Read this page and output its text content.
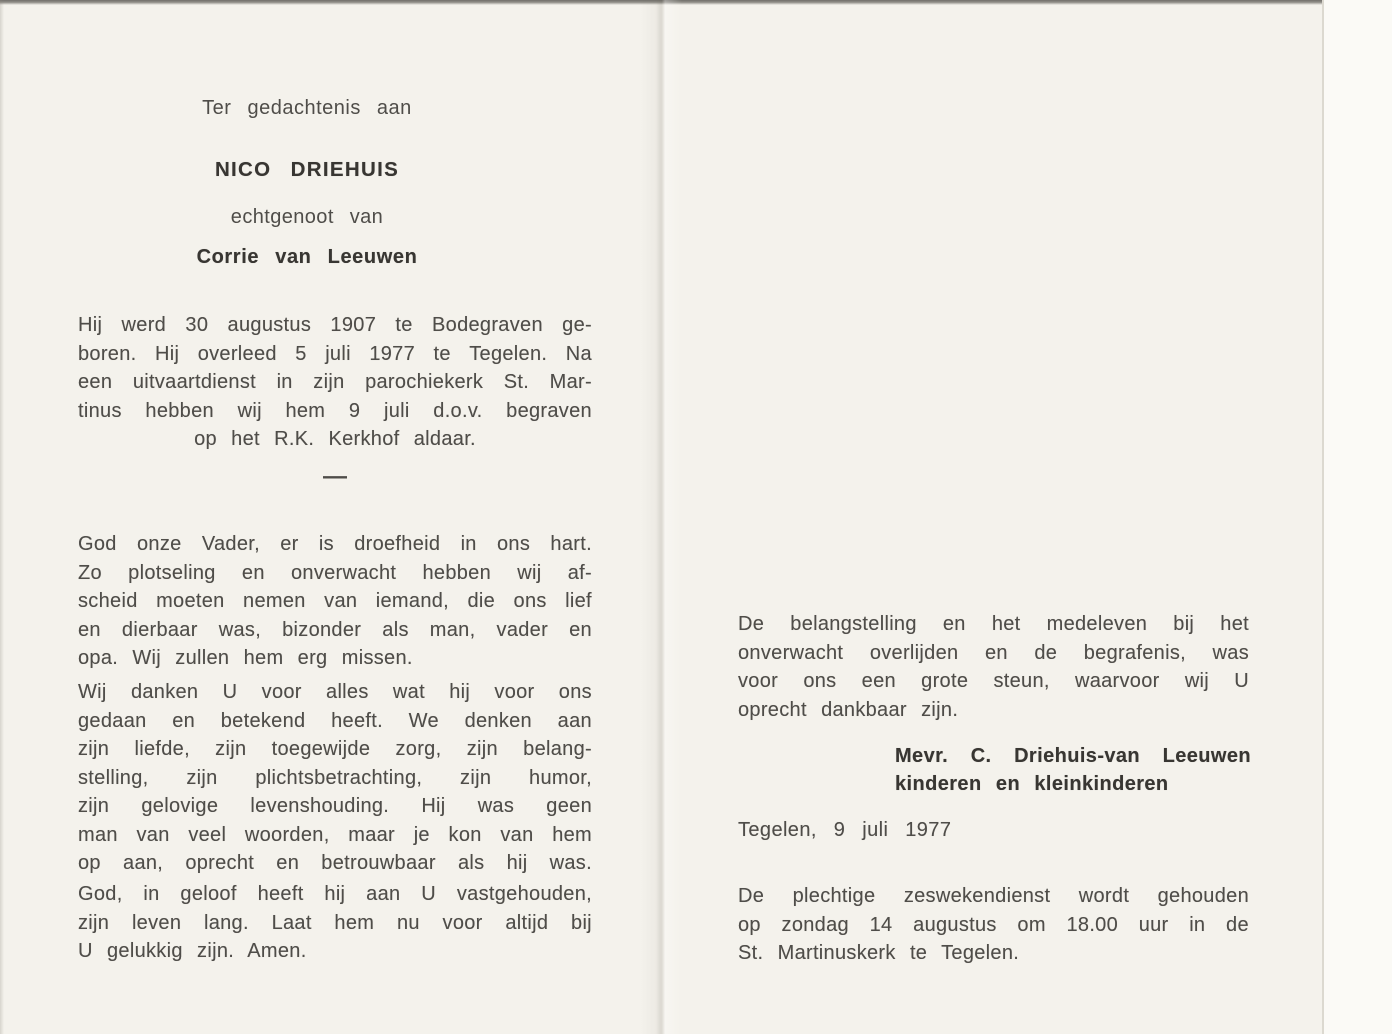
Ter gedachtenis aan
NICO DRIEHUIS
echtgenoot van
Corrie van Leeuwen
Hij werd 30 augustus 1907 te Bodegraven ge-
boren. Hij overleed 5 juli 1977 te Tegelen. Na
een uitvaartdienst in zijn parochiekerk St. Mar-
tinus hebben wij hem 9 juli d.o.v. begraven
op het R.K. Kerkhof aldaar.
—
God onze Vader, er is droefheid in ons hart.
Zo plotseling en onverwacht hebben wij af-
scheid moeten nemen van iemand, die ons lief
en dierbaar was, bizonder als man, vader en
opa. Wij zullen hem erg missen.
Wij danken U voor alles wat hij voor ons
gedaan en betekend heeft. We denken aan
zijn liefde, zijn toegewijde zorg, zijn belang-
stelling, zijn plichtsbetrachting, zijn humor,
zijn gelovige levenshouding. Hij was geen
man van veel woorden, maar je kon van hem
op aan, oprecht en betrouwbaar als hij was.
God, in geloof heeft hij aan U vastgehouden,
zijn leven lang. Laat hem nu voor altijd bij
U gelukkig zijn. Amen.
De belangstelling en het medeleven bij het
onverwacht overlijden en de begrafenis, was
voor ons een grote steun, waarvoor wij U
oprecht dankbaar zijn.
Mevr. C. Driehuis-van Leeuwen
kinderen en kleinkinderen
Tegelen, 9 juli 1977
De plechtige zeswekendienst wordt gehouden
op zondag 14 augustus om 18.00 uur in de
St. Martinuskerk te Tegelen.
